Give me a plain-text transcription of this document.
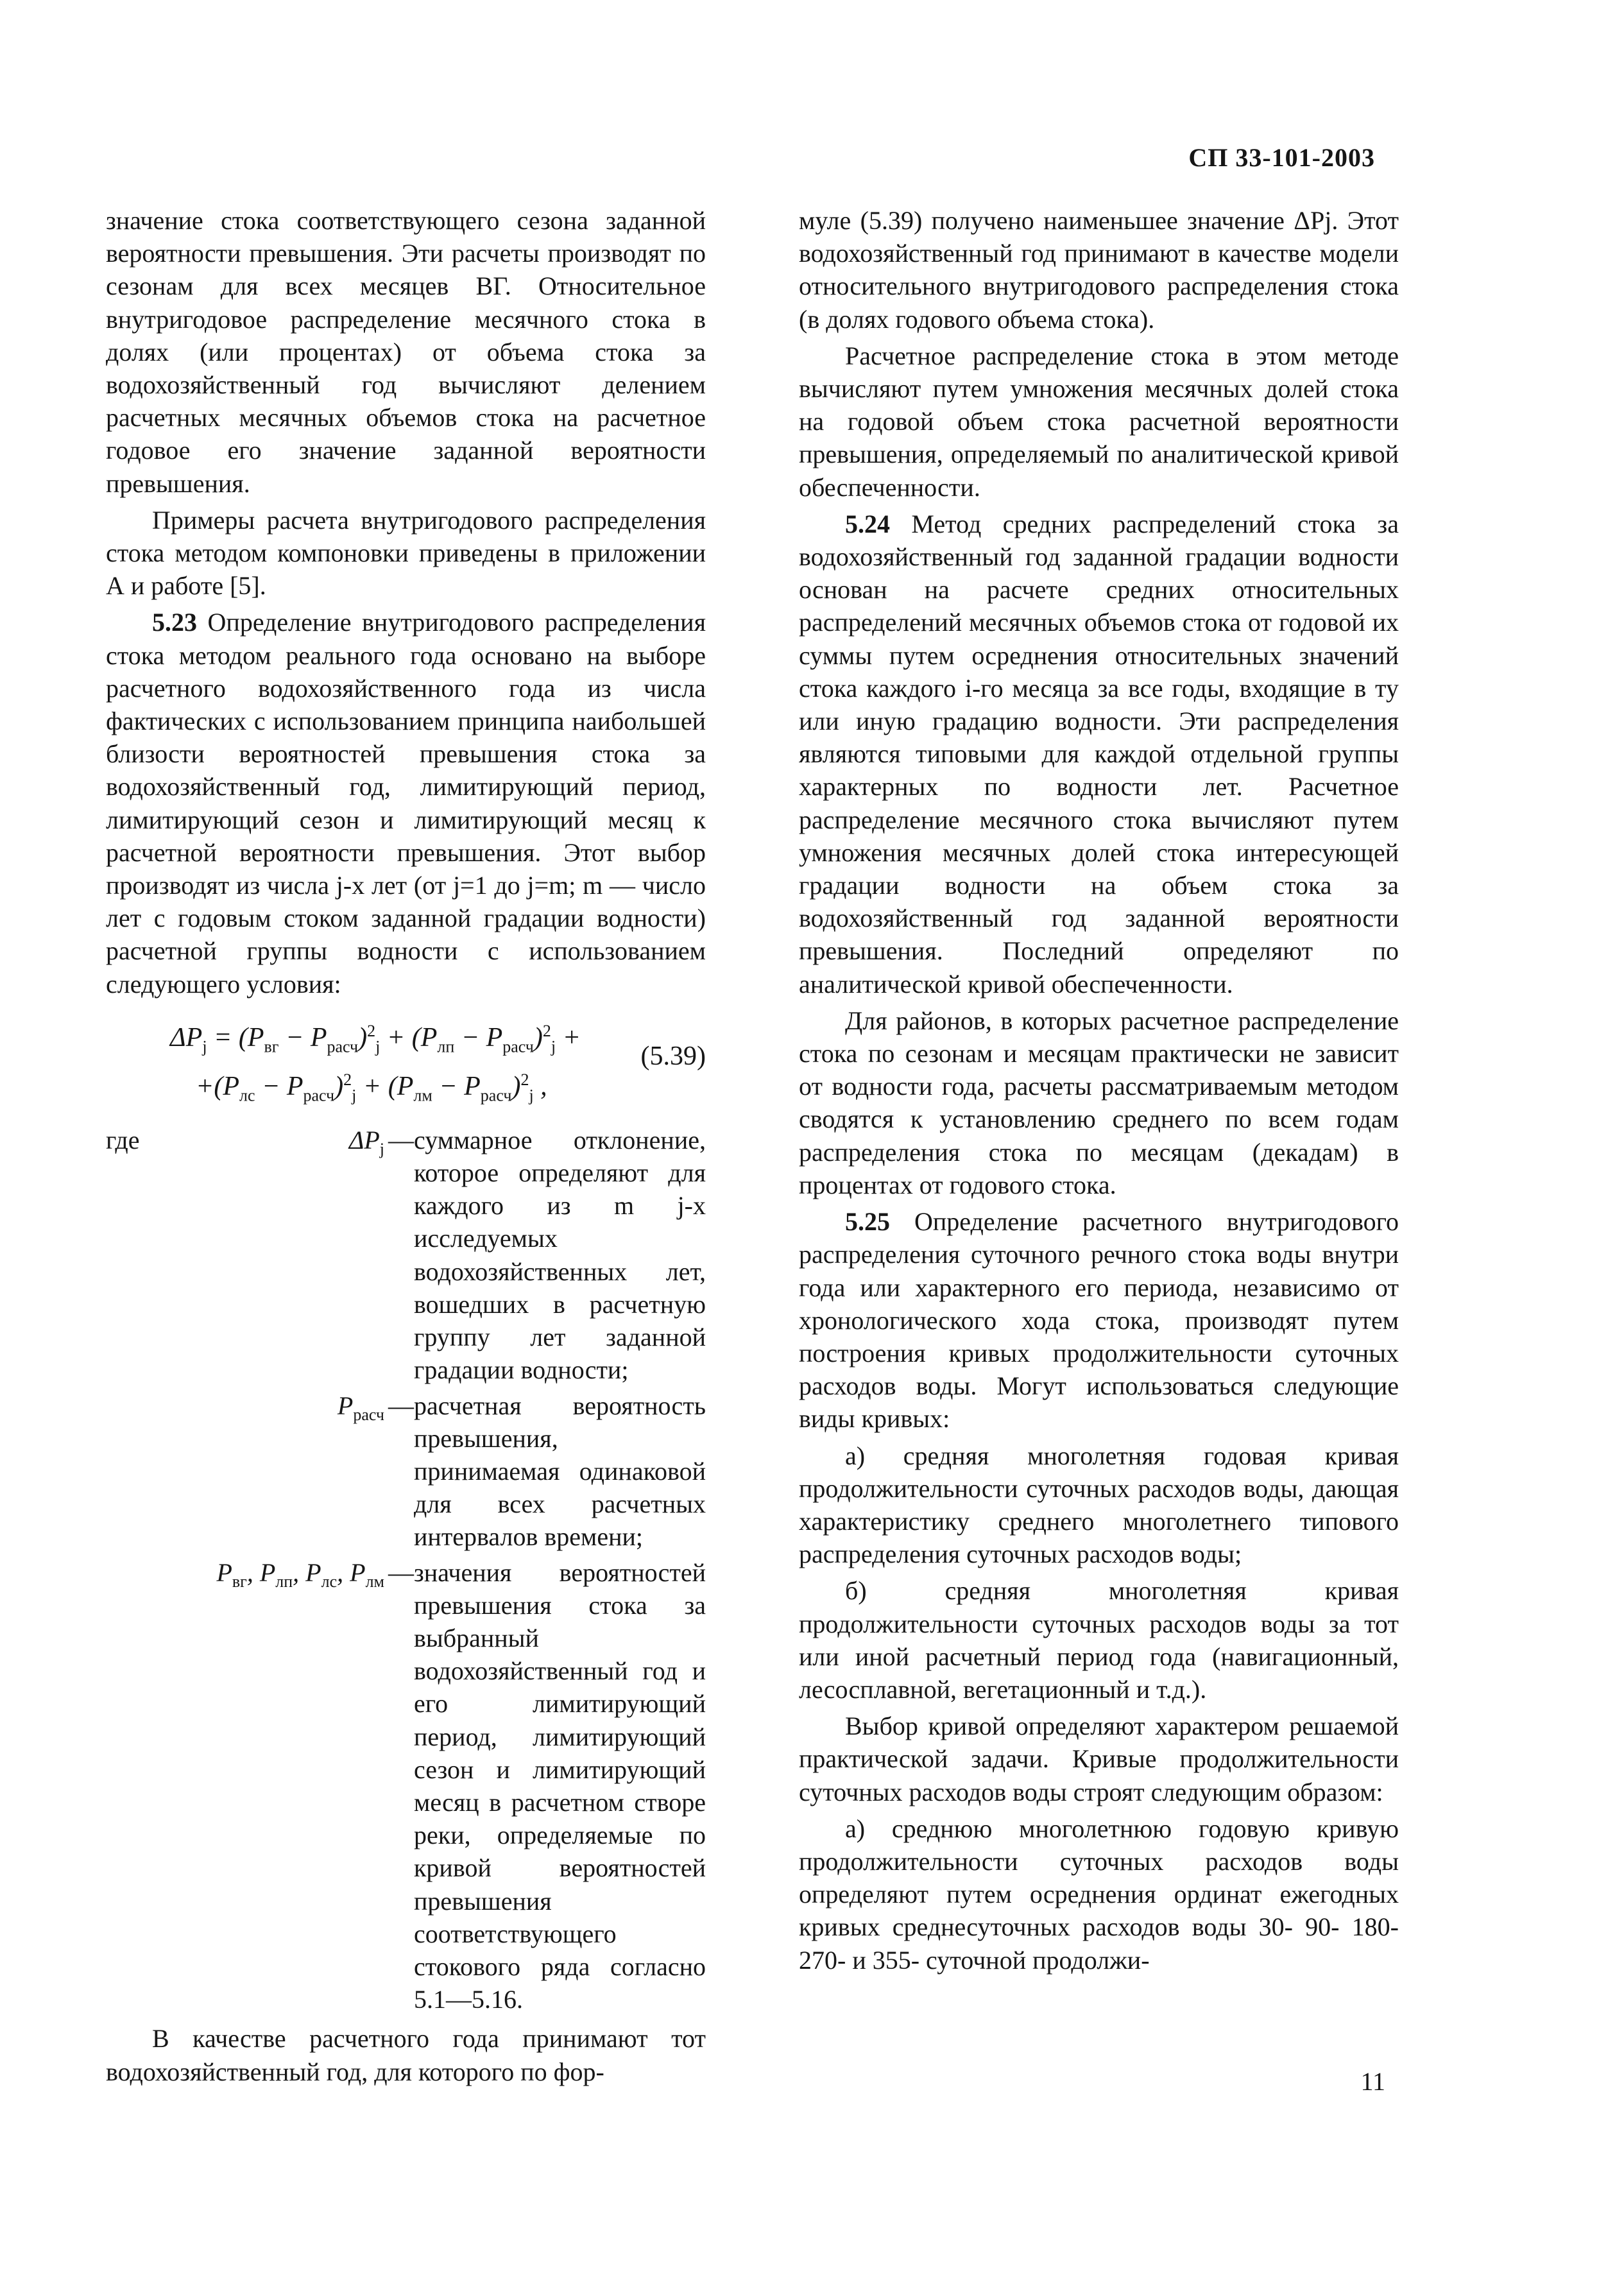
СП 33-101-2003

значение стока соответствующего сезона заданной вероятности превышения. Эти расчеты производят по сезонам для всех месяцев ВГ. Относительное внутригодовое распределение месячного стока в долях (или процентах) от объема стока за водохозяйственный год вычисляют делением расчетных месячных объемов стока на расчетное годовое его значение заданной вероятности превышения.

Примеры расчета внутригодового распределения стока методом компоновки приведены в приложении А и работе [5].

5.23 Определение внутригодового распределения стока методом реального года основано на выборе расчетного водохозяйственного года из числа фактических с использованием принципа наибольшей близости вероятностей превышения стока за водохозяйственный год, лимитирующий период, лимитирующий сезон и лимитирующий месяц к расчетной вероятности превышения. Этот выбор производят из числа j-х лет (от j=1 до j=m; m — число лет с годовым стоком заданной градации водности) расчетной группы водности с использованием следующего условия:

$\Delta P_j = (P_{вг} - P_{расч})^2_j + (P_{лп} - P_{расч})^2_j$ +
$+(P_{лс} - P_{расч})^2_j + (P_{лм} - P_{расч})^2_j$ ,
(5.39)
где	$\Delta P_j$ — суммарное отклонение, которое определяют для каждого из m j-х исследуемых водохозяйственных лет, вошедших в расчетную группу лет заданной градации водности;
$P_{расч}$ — расчетная вероятность превышения, принимаемая одинаковой для всех расчетных интервалов времени;
$P_{вг}$, $P_{лп}$, $P_{лс}$, $P_{лм}$ — значения вероятностей превышения стока за выбранный водохозяйственный год и его лимитирующий период, лимитирующий сезон и лимитирующий месяц в расчетном створе реки, определяемые по кривой вероятностей превышения соответствующего стокового ряда согласно 5.1—5.16.

В качестве расчетного года принимают тот водохозяйственный год, для которого по фор-

муле (5.39) получено наименьшее значение ΔPj. Этот водохозяйственный год принимают в качестве модели относительного внутригодового распределения стока (в долях годового объема стока).

Расчетное распределение стока в этом методе вычисляют путем умножения месячных долей стока на годовой объем стока расчетной вероятности превышения, определяемый по аналитической кривой обеспеченности.

5.24 Метод средних распределений стока за водохозяйственный год заданной градации водности основан на расчете средних относительных распределений месячных объемов стока от годовой их суммы путем осреднения относительных значений стока каждого i-го месяца за все годы, входящие в ту или иную градацию водности. Эти распределения являются типовыми для каждой отдельной группы характерных по водности лет. Расчетное распределение месячного стока вычисляют путем умножения месячных долей стока интересующей градации водности на объем стока за водохозяйственный год заданной вероятности превышения. Последний определяют по аналитической кривой обеспеченности.

Для районов, в которых расчетное распределение стока по сезонам и месяцам практически не зависит от водности года, расчеты рассматриваемым методом сводятся к установлению среднего по всем годам распределения стока по месяцам (декадам) в процентах от годового стока.

5.25 Определение расчетного внутригодового распределения суточного речного стока воды внутри года или характерного его периода, независимо от хронологического хода стока, производят путем построения кривых продолжительности суточных расходов воды. Могут использоваться следующие виды кривых:

а) средняя многолетняя годовая кривая продолжительности суточных расходов воды, дающая характеристику среднего многолетнего типового распределения суточных расходов воды;

б) средняя многолетняя кривая продолжительности суточных расходов воды за тот или иной расчетный период года (навигационный, лесосплавной, вегетационный и т.д.).

Выбор кривой определяют характером решаемой практической задачи. Кривые продолжительности суточных расходов воды строят следующим образом:

а) среднюю многолетнюю годовую кривую продолжительности суточных расходов воды определяют путем осреднения ординат ежегодных кривых среднесуточных расходов воды 30- 90- 180- 270- и 355- суточной продолжи-

11
